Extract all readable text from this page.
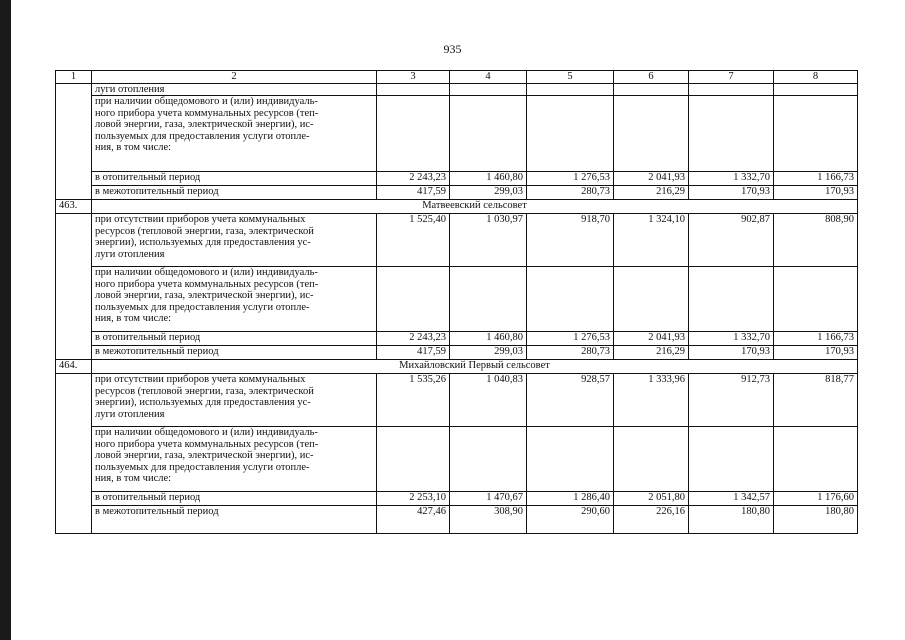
935
1	2	3	4	5	6	7	8
	луги отопления						

	при наличии общедомового и (или) индивидуаль-
ного прибора учета коммунальных ресурсов (теп-
ловой энергии, газа, электрической энергии), ис-
пользуемых для предоставления услуги отопле-
ния, в том числе:						

	в отопительный период	2 243,23	1 460,80	1 276,53	2 041,93	1 332,70	1 166,73
	в межотопительный период	417,59	299,03	280,73	216,29	170,93	170,93
463.	Матвеевский сельсовет						

	при отсутствии приборов учета коммунальных
ресурсов (тепловой энергии, газа, электрической
энергии), используемых для предоставления ус-
луги отопления	1 525,40	1 030,97	918,70	1 324,10	902,87	808,90

	при наличии общедомового и (или) индивидуаль-
ного прибора учета коммунальных ресурсов (теп-
ловой энергии, газа, электрической энергии), ис-
пользуемых для предоставления услуги отопле-
ния, в том числе:						

	в отопительный период	2 243,23	1 460,80	1 276,53	2 041,93	1 332,70	1 166,73
	в межотопительный период	417,59	299,03	280,73	216,29	170,93	170,93
464.	Михайловский Первый сельсовет						

	при отсутствии приборов учета коммунальных
ресурсов (тепловой энергии, газа, электрической
энергии), используемых для предоставления ус-
луги отопления	1 535,26	1 040,83	928,57	1 333,96	912,73	818,77

	при наличии общедомового и (или) индивидуаль-
ного прибора учета коммунальных ресурсов (теп-
ловой энергии, газа, электрической энергии), ис-
пользуемых для предоставления услуги отопле-
ния, в том числе:						

	в отопительный период	2 253,10	1 470,67	1 286,40	2 051,80	1 342,57	1 176,60
	в межотопительный период	427,46	308,90	290,60	226,16	180,80	180,80
